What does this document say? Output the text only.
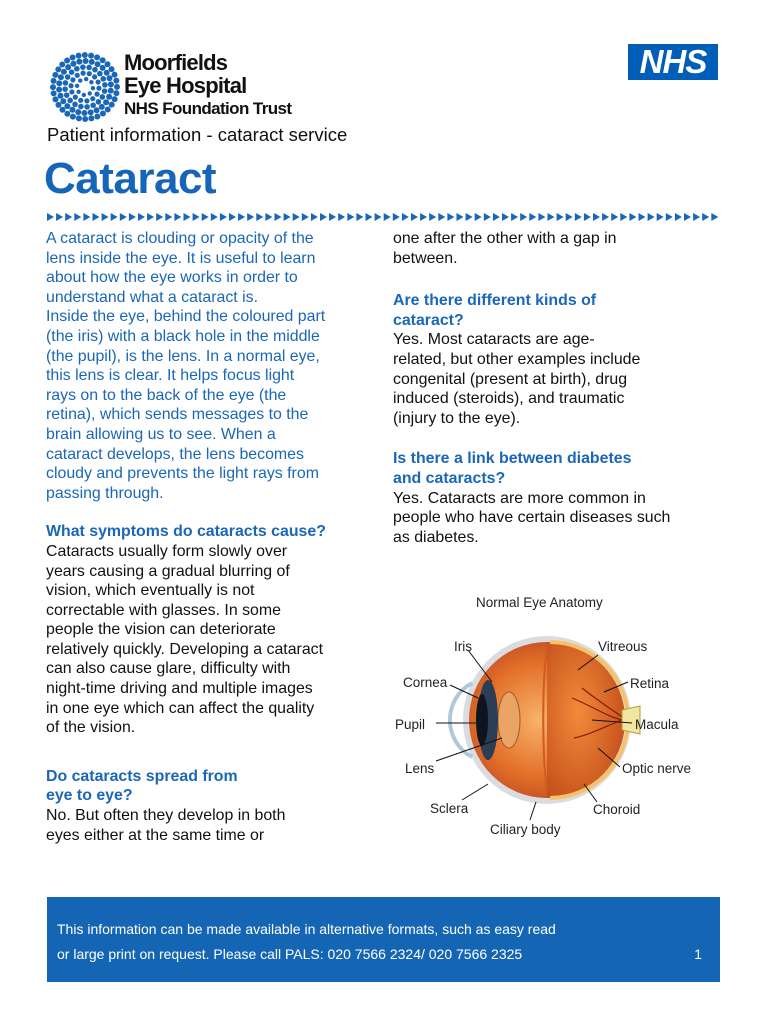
Moorfields
Eye Hospital
NHS Foundation Trust
NHS
Patient information - cataract service
Cataract

A cataract is clouding or opacity of the
lens inside the eye. It is useful to learn
about how the eye works in order to
understand what a cataract is.
Inside the eye, behind the coloured part
(the iris) with a black hole in the middle
(the pupil), is the lens. In a normal eye,
this lens is clear. It helps focus light
rays on to the back of the eye (the
retina), which sends messages to the
brain allowing us to see. When a
cataract develops, the lens becomes
cloudy and prevents the light rays from
passing through.

What symptoms do cataracts cause?

Cataracts usually form slowly over
years causing a gradual blurring of
vision, which eventually is not
correctable with glasses. In some
people the vision can deteriorate
relatively quickly. Developing a cataract
can also cause glare, difficulty with
night-time driving and multiple images
in one eye which can affect the quality
of the vision.

Do cataracts spread from
eye to eye?

No. But often they develop in both
eyes either at the same time or

one after the other with a gap in
between.

Are there different kinds of
cataract?

Yes. Most cataracts are age-
related, but other examples include
congenital (present at birth), drug
induced (steroids), and traumatic
(injury to the eye).

Is there a link between diabetes
and cataracts?

Yes. Cataracts are more common in
people who have certain diseases such
as diabetes.

Normal Eye Anatomy
Iris
Cornea
Pupil
Lens
Sclera
Ciliary body
Vitreous
Retina
Macula
Optic nerve
Choroid
This information can be made available in alternative formats, such as easy read
or large print on request. Please call PALS: 020 7566 2324/ 020 7566 2325	1
